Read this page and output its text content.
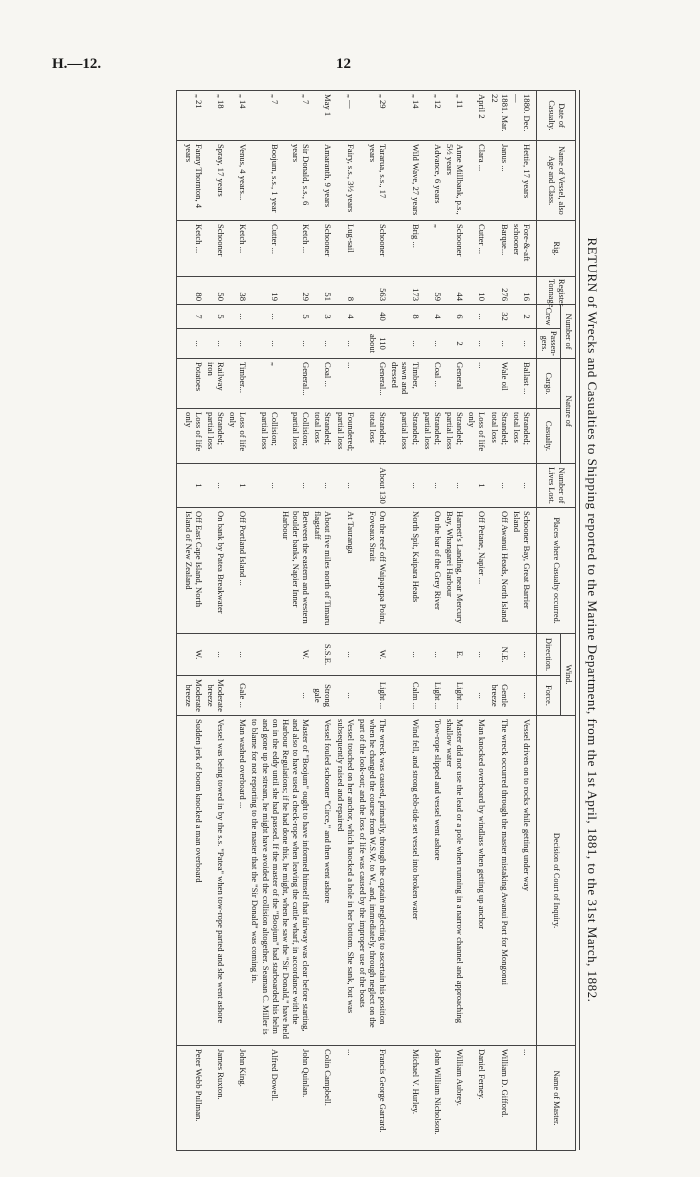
H.—12.	12
RETURN of Wrecks and Casualties to Shipping reported to the Marine Department, from the 1st April, 1881, to the 31st March, 1882.
Date of Casualty.	Name of Vessel, also Age and Class.	Rig.	Register Tonnage.	Number of		Nature of		Number of Lives Lost.	Places where Casualty occurred.	Wind.		Decision of Court of Inquiry.	Name of Master.
				Crew	Passen-gers.	Cargo.	Casualty.			Direction.	Force.		
1880. Dec. —	Hettie, 17 years	Fore-&-aft schooner	16	2	...	Ballast ...	Stranded; total loss	...	Schooner Bay, Great Barrier Island	...	...	Vessel driven on to rocks while getting under way	...
1881. Mar. 22	Janus ...	Barque...	276	32	...	Wale oil	Stranded; total loss	...	Off Awanui Heads, North Island	N.E.	Gentle breeze	The wreck occurred through the master mistaking Awanui Port for Mongonui	William D. Gifford.
April 2	Clara ...	Cutter ...	10	...	...	...	Loss of life only	1	Off Petane, Napier ...	...	...	Man knocked overboard by windlass when getting up anchor	Daniel Ferney.
„ 11	Anne Millbank, p.s., 5½ years	Schooner	44	6	2	General	Stranded; partial loss	...	Harnett's Landing, near Mercury Bay, Whangarei Harbour	E.	Light ...	Master did not use the lead or a pole when running in a narrow channel and approaching shallow water	William Aubrey.
„ 12	Advance, 6 years	„	59	4	...	Coal ...	Stranded; partial loss	...	On the bar of the Grey River	...	Light ...	Tow-rope slipped and vessel went ashore	John William Nicholson.
„ 14	Wild Wave, 27 years	Brig ...	173	8	...	Timber, sawn and dressed	Stranded; partial loss	...	North Spit, Kaipara Heads	...	Calm ...	Wind fell, and strong ebb-tide set vessel into broken water	Michael V. Hurley.
„ 29	Tararua, s.s., 17 years	Schooner	563	40	110 about	General...	Stranded; total loss	About 130	On the reef off Waipapapa Point, Foveaux Strait	W.	Light ...	The wreck was caused, primarily, through the captain neglecting to ascertain his position when he changed the course from W.S.W. to W., and, immediately, through neglect on the part of the look-out; and the loss of life was caused by the improper use of the boats	Francis George Garrard.
„ —	Fairy, s.s., 3½ years	Lug-sail	8	4	...	...	Foundered; partial loss	...	At Tauranga	...	...	Vessel touched on her anchor, which knocked a hole in her bottom. She sank, but was subsequently raised and repaired	...
May 1	Amaranth, 9 years	Schooner	51	3	...	Coal ...	Stranded; total loss	...	About five miles north of Timaru flagstaff	S.S.E.	Strong gale	Vessel fouled schooner "Circe," and then went ashore	Colin Campbell.
„ 7	Sir Donald, s.s., 6 years	Ketch ...	29	5	...	General...	Collision; partial loss	...	Between the eastern and western boulder banks, Napier Inner Harbour	W.	...	Master of "Boojum" ought to have informed himself that fairway was clear before starting, and also to have used a check-rope when leaving the cattle wharf, in accordance with the Harbour Regulations; if he had done this, he might, when he saw the "Sir Donald," have held on in the eddy until she had passed. If the master of the "Boojum" had starboarded his helm and gone up the stream, he might have avoided the collision altogether. Seaman C. Miller is to blame for not reporting to the master that the "Sir Donald" was coming in.	John Quinlan.
„ 7	Boojum, s.s., 1 year	Cutter ...	19	...	...	„	Collision; partial loss	...					Alfred Dowell.
„ 14	Venus, 4 years...	Ketch ...	38	...	...	Timber...	Loss of life only	1	Off Portland Island ...	...	Gale ...	Man washed overboard ...	John King.
„ 18	Spray, 17 years	Schooner	50	5	...	Railway iron	Stranded; partial loss	...	On bank by Patea Breakwater	...	Moderate breeze	Vessel was being towed in by the s.s. "Patea" when tow-rope parted and she went ashore	James Ruxton.
„ 21	Fanny Thornton, 4 years	Ketch ...	80	7	...	Potatoes	Loss of life only	1	Off East Cape Island, North Island of New Zealand	W.	Moderate breeze	Sudden jerk of boom knocked a man overboard	Peter Webb Pullman.
